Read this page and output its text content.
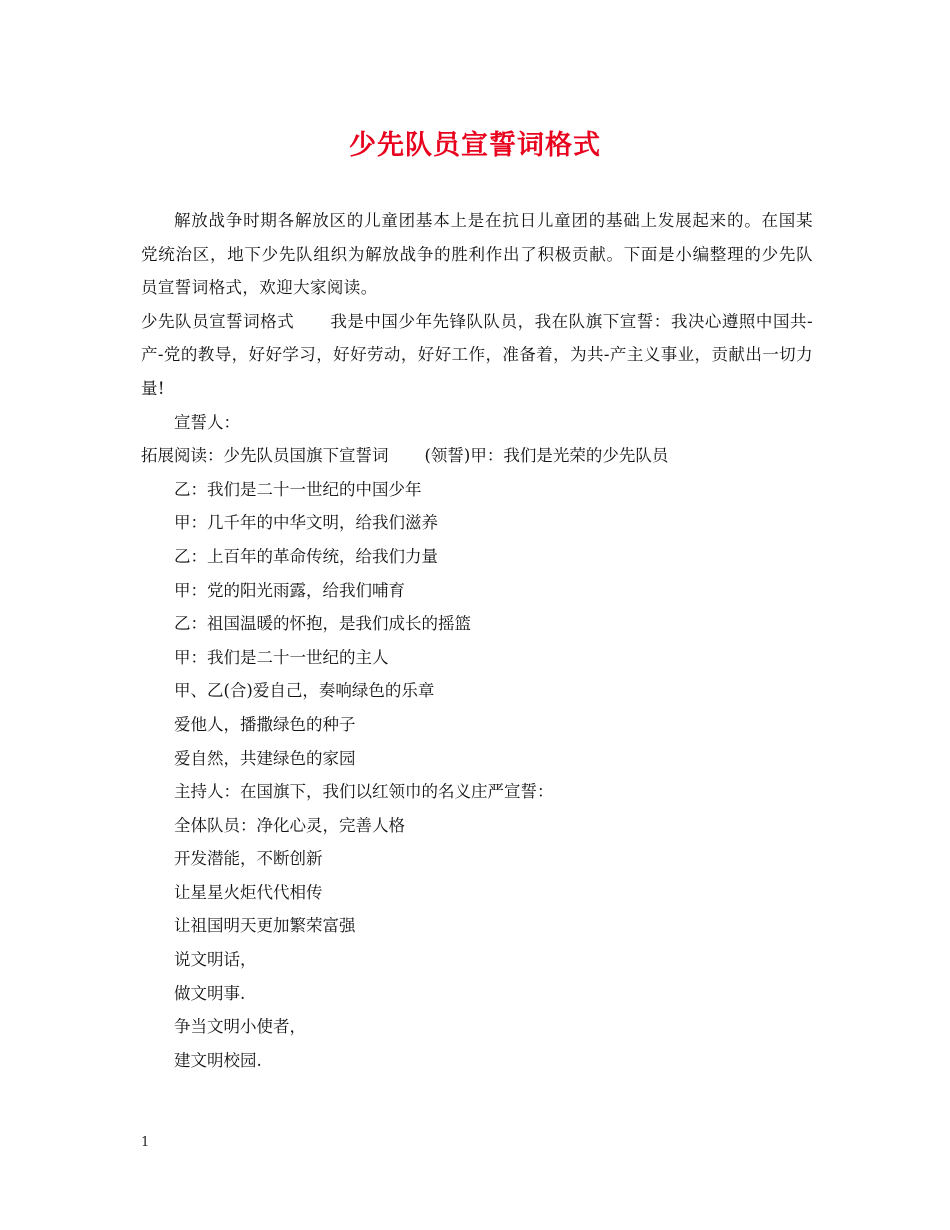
少先队员宣誓词格式

解放战争时期各解放区的儿童团基本上是在抗日儿童团的基础上发展起来的。在国某党统治区，地下少先队组织为解放战争的胜利作出了积极贡献。下面是小编整理的少先队员宣誓词格式，欢迎大家阅读。

少先队员宣誓词格式 我是中国少年先锋队队员，我在队旗下宣誓：我决心遵照中国共-产-党的教导，好好学习，好好劳动，好好工作，准备着，为共-产主义事业，贡献出一切力量!

宣誓人：

拓展阅读：少先队员国旗下宣誓词 (领誓)甲：我们是光荣的少先队员

乙：我们是二十一世纪的中国少年

甲：几千年的中华文明，给我们滋养

乙：上百年的革命传统，给我们力量

甲：党的阳光雨露，给我们哺育

乙：祖国温暖的怀抱，是我们成长的摇篮

甲：我们是二十一世纪的主人

甲、乙(合)爱自己，奏响绿色的乐章

爱他人，播撒绿色的种子

爱自然，共建绿色的家园

主持人：在国旗下，我们以红领巾的名义庄严宣誓：

全体队员：净化心灵，完善人格

开发潜能，不断创新

让星星火炬代代相传

让祖国明天更加繁荣富强

说文明话，

做文明事.

争当文明小使者，

建文明校园.

1
